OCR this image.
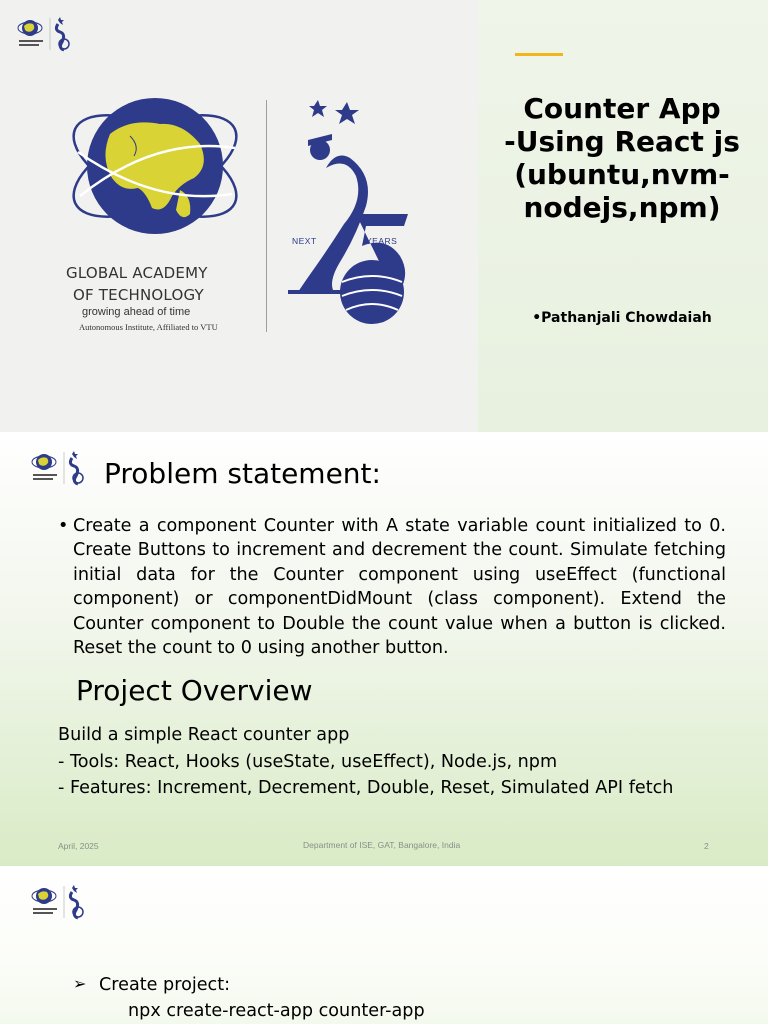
GLOBAL ACADEMY
OF TECHNOLOGY
growing ahead of time
Autonomous Institute, Affiliated to VTU
NEXT	YEARS
Counter App
-Using React js
(ubuntu,nvm-
nodejs,npm)
•Pathanjali Chowdaiah
Problem statement:
• Create a component Counter with A state variable count initialized to 0. Create Buttons to increment and decrement the count. Simulate fetching initial data for the Counter component using useEffect (functional component) or componentDidMount (class component). Extend the Counter component to Double the count value when a button is clicked. Reset the count to 0 using another button.
Project Overview
Build a simple React counter app
- Tools: React, Hooks (useState, useEffect), Node.js, npm
- Features: Increment, Decrement, Double, Reset, Simulated API fetch
April, 2025	Department of ISE, GAT, Bangalore, India	2
➢ Create project:
npx create-react-app counter-app
